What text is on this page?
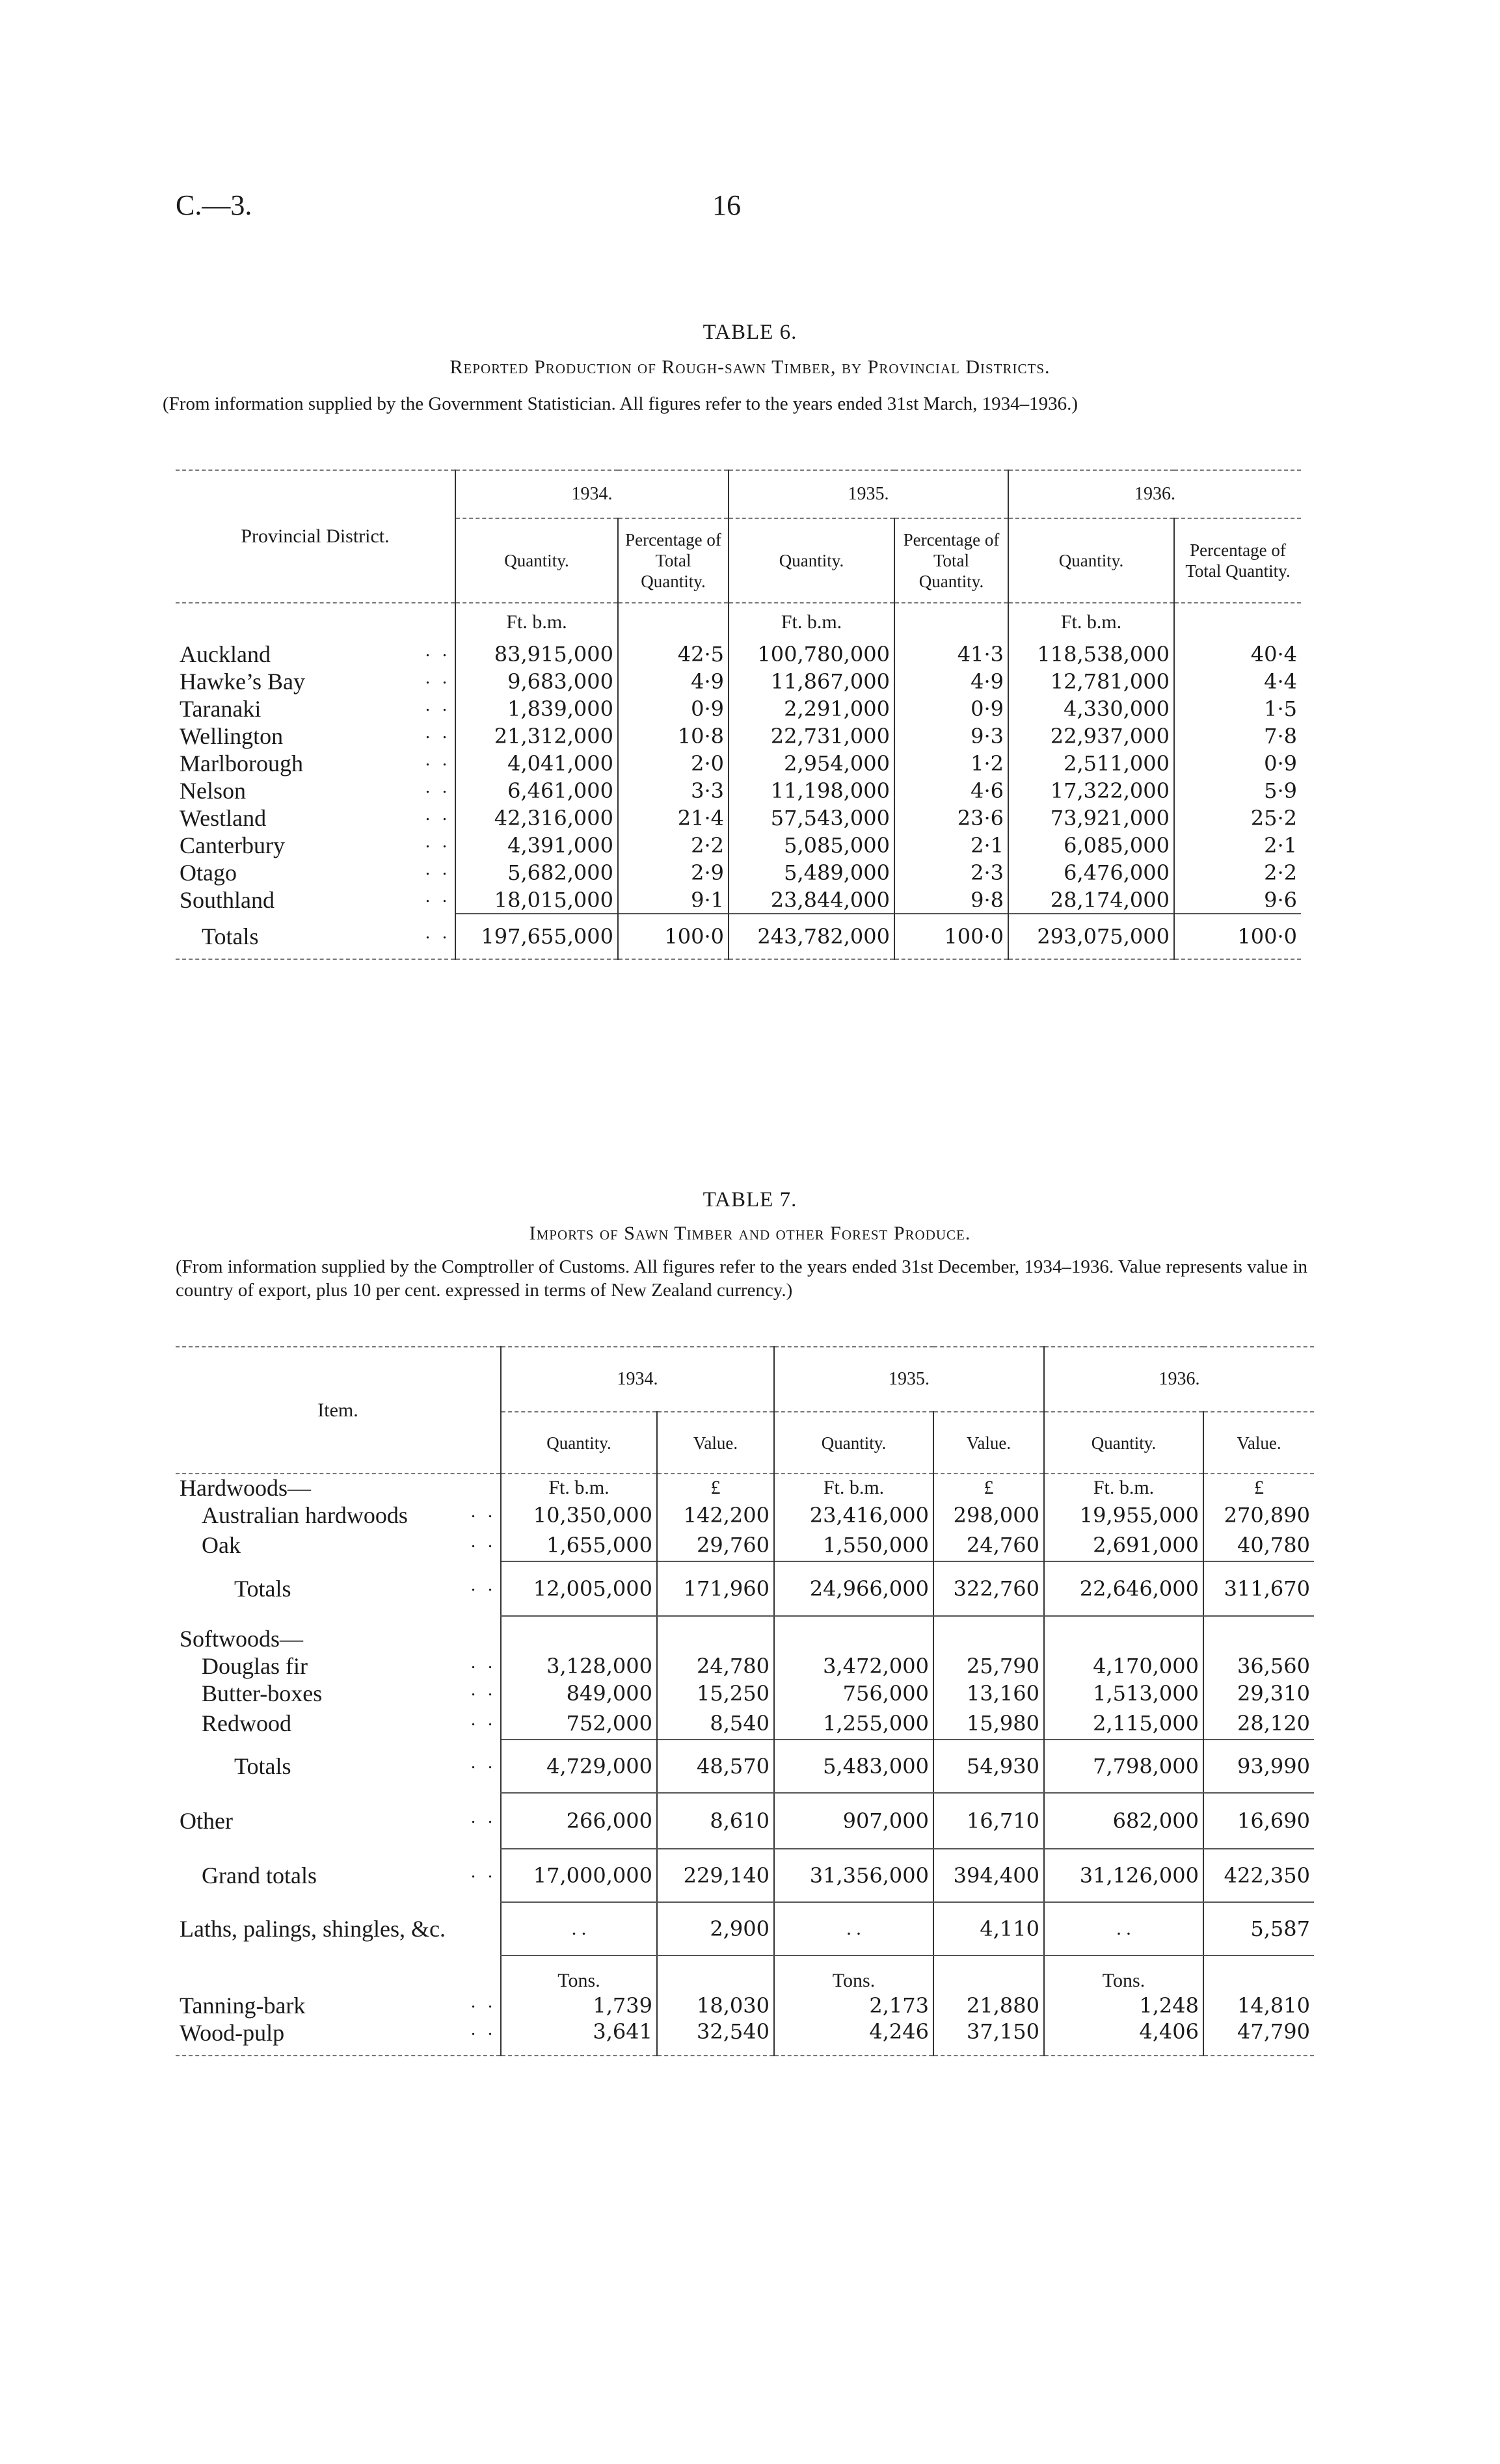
C.—3.	16
TABLE 6.
Reported Production of Rough-sawn Timber, by Provincial Districts.
(From information supplied by the Government Statistician. All figures refer to the years ended 31st March, 1934–1936.)
Provincial District.	1934.		1935.		1936.	
	Quantity.	Percentage of Total Quantity.	Quantity.	Percentage of Total Quantity.	Quantity.	Percentage of Total Quantity.
	Ft. b.m.		Ft. b.m.		Ft. b.m.	
Auckland . .	83,915,000	42·5	100,780,000	41·3	118,538,000	40·4
Hawke’s Bay . .	9,683,000	4·9	11,867,000	4·9	12,781,000	4·4
Taranaki . .	1,839,000	0·9	2,291,000	0·9	4,330,000	1·5
Wellington . .	21,312,000	10·8	22,731,000	9·3	22,937,000	7·8
Marlborough . .	4,041,000	2·0	2,954,000	1·2	2,511,000	0·9
Nelson . .	6,461,000	3·3	11,198,000	4·6	17,322,000	5·9
Westland . .	42,316,000	21·4	57,543,000	23·6	73,921,000	25·2
Canterbury . .	4,391,000	2·2	5,085,000	2·1	6,085,000	2·1
Otago . .	5,682,000	2·9	5,489,000	2·3	6,476,000	2·2
Southland . .	18,015,000	9·1	23,844,000	9·8	28,174,000	9·6
Totals . .	197,655,000	100·0	243,782,000	100·0	293,075,000	100·0
TABLE 7.
Imports of Sawn Timber and other Forest Produce.
(From information supplied by the Comptroller of Customs. All figures refer to the years ended 31st December, 1934–1936. Value represents value in country of export, plus 10 per cent. expressed in terms of New Zealand currency.)
Item.	1934.		1935.		1936.	
	Quantity.	Value.	Quantity.	Value.	Quantity.	Value.
Hardwoods—	Ft. b.m.	£	Ft. b.m.	£	Ft. b.m.	£
Australian hardwoods . .	10,350,000	142,200	23,416,000	298,000	19,955,000	270,890
Oak . .	1,655,000	29,760	1,550,000	24,760	2,691,000	40,780
Totals . .	12,005,000	171,960	24,966,000	322,760	22,646,000	311,670
Softwoods—						
Douglas fir . .	3,128,000	24,780	3,472,000	25,790	4,170,000	36,560
Butter-boxes . .	849,000	15,250	756,000	13,160	1,513,000	29,310
Redwood . .	752,000	8,540	1,255,000	15,980	2,115,000	28,120
Totals . .	4,729,000	48,570	5,483,000	54,930	7,798,000	93,990
Other . .	266,000	8,610	907,000	16,710	682,000	16,690
Grand totals . .	17,000,000	229,140	31,356,000	394,400	31,126,000	422,350
Laths, palings, shingles, &c.	. .	2,900	. .	4,110	. .	5,587
	Tons.		Tons.		Tons.	
Tanning-bark . .	1,739	18,030	2,173	21,880	1,248	14,810
Wood-pulp . .	3,641	32,540	4,246	37,150	4,406	47,790
